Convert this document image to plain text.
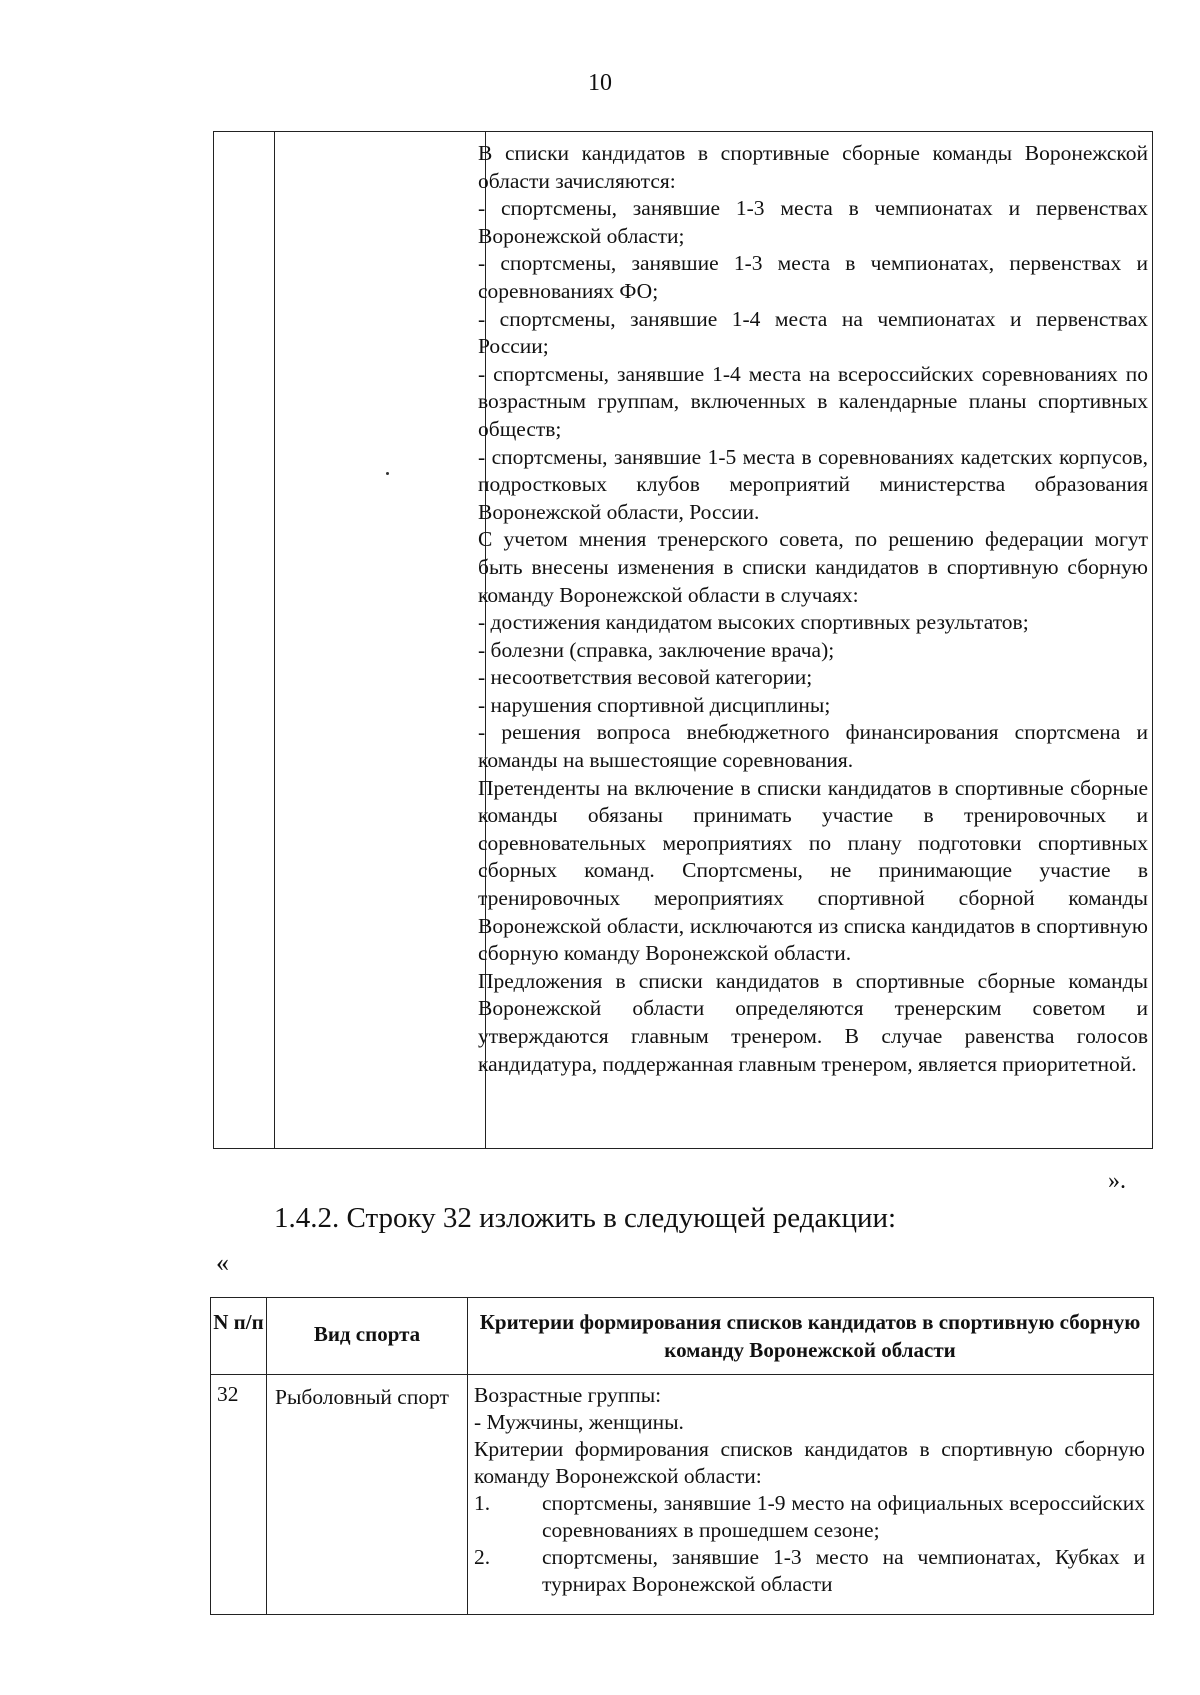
10

В списки кандидатов в спортивные сборные команды Воронежской области зачисляются:

- спортсмены, занявшие 1-3 места в чемпионатах и первенствах Воронежской области;

- спортсмены, занявшие 1-3 места в чемпионатах, первенствах и соревнованиях ФО;

- спортсмены, занявшие 1-4 места на чемпионатах и первенствах России;

- спортсмены, занявшие 1-4 места на всероссийских соревнованиях по возрастным группам, включенных в календарные планы спортивных обществ;

- спортсмены, занявшие 1-5 места в соревнованиях кадетских корпусов, подростковых клубов мероприятий министерства образования Воронежской области, России.

С учетом мнения тренерского совета, по решению федерации могут быть внесены изменения в списки кандидатов в спортивную сборную команду Воронежской области в случаях:

- достижения кандидатом высоких спортивных результатов;

- болезни (справка, заключение врача);

- несоответствия весовой категории;

- нарушения спортивной дисциплины;

- решения вопроса внебюджетного финансирования спортсмена и команды на вышестоящие соревнования.

Претенденты на включение в списки кандидатов в спортивные сборные команды обязаны принимать участие в тренировочных и соревновательных мероприятиях по плану подготовки спортивных сборных команд. Спортсмены, не принимающие участие в тренировочных мероприятиях спортивной сборной команды Воронежской области, исключаются из списка кандидатов в спортивную сборную команду Воронежской области.

Предложения в списки кандидатов в спортивные сборные команды Воронежской области определяются тренерским советом и утверждаются главным тренером. В случае равенства голосов кандидатура, поддержанная главным тренером, является приоритетной.

».
1.4.2. Строку 32 изложить в следующей редакции:
«
N п/п	Вид спорта	Критерии формирования списков кандидатов в спортивную сборную команду Воронежской области
32 Рыболовный спорт	Возрастные группы:

- Мужчины, женщины.

Критерии формирования списков кандидатов в спортивную сборную команду Воронежской области:

1.	спортсмены, занявшие 1-9 место на официальных всероссийских соревнованиях в прошедшем сезоне;
2.	спортсмены, занявшие 1-3 место на чемпионатах, Кубках и турнирах Воронежской области
